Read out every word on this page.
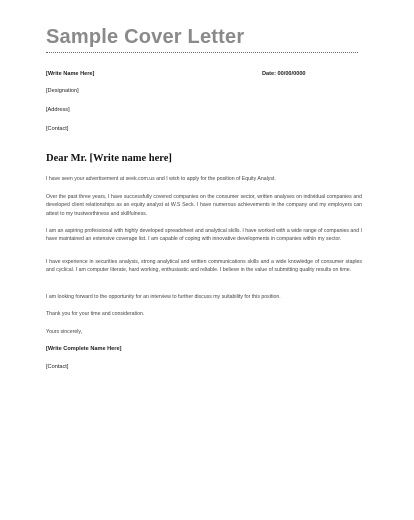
Sample Cover Letter
[Write Name Here]	Date: 00/00/0000
[Designation]
[Address]
[Contact]
Dear Mr. [Write name here]
I have seen your advertisement at seek.com.us and I wish to apply for the position of Equity Analyst.
Over the past three years, I have successfully covered companies on the consumer sector, written analyses on individual companies and developed client relationships as an equity analyst at W.S Seck. I have numerous achievements in the company and my employers can attest to my trustworthiness and skillfulness.
I am an aspiring professional with highly developed spreadsheet and analytical skills. I have worked with a wide range of companies and I have maintained an extensive coverage list. I am capable of coping with innovative developments in companies within my sector.
I have experience in securities analysis, strong analytical and written communications skills and a wide knowledge of consumer staples and cyclical. I am computer literate, hard working, enthusiastic and reliable. I believe in the value of submitting quality results on time.
I am looking forward to the opportunity for an interview to further discuss my suitability for this position.
Thank you for your time and consideration.
Yours sincerely,
[Write Complete Name Here]
[Contact]
